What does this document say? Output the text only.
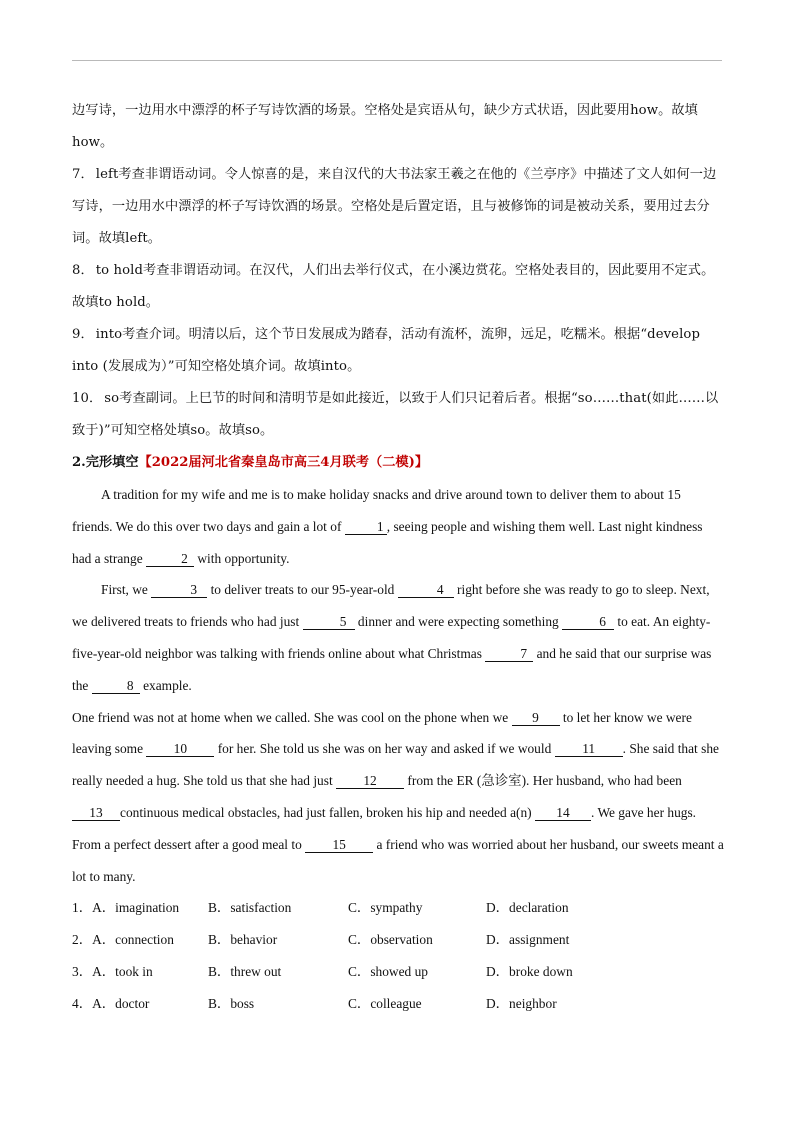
边写诗，一边用水中漂浮的杯子写诗饮酒的场景。空格处是宾语从句，缺少方式状语，因此要用how。故填how。

7． left考查非谓语动词。令人惊喜的是，来自汉代的大书法家王羲之在他的《兰亭序》中描述了文人如何一边写诗，一边用水中漂浮的杯子写诗饮酒的场景。空格处是后置定语，且与被修饰的词是被动关系，要用过去分词。故填left。

8． to hold考查非谓语动词。在汉代，人们出去举行仪式，在小溪边赏花。空格处表目的，因此要用不定式。故填to hold。

9． into考查介词。明清以后，这个节日发展成为踏春，活动有流杯，流卵，远足，吃糯米。根据“develop into (发展成为）”可知空格处填介词。故填into。

10． so考查副词。上巳节的时间和清明节是如此接近，以致于人们只记着后者。根据“so……that(如此……以致于)”可知空格处填so。故填so。

2.完形填空【2022届河北省秦皇岛市高三4月联考（二模)】

A tradition for my wife and me is to make holiday snacks and drive around town to deliver them to about 15 friends. We do this over two days and gain a lot of 1 , seeing people and wishing them well. Last night kindness had a strange	2 with opportunity.

First, we	3 to deliver treats to our 95-year-old	4 right before she was ready to go to sleep. Next, we delivered treats to friends who had just	5 dinner and were expecting something	6 to eat. An eighty-five-year-old neighbor was talking with friends online about what Christmas	7 and he said that our surprise was the	8 example.

One friend was not at home when we called. She was cool on the phone when we 9 to let her know we were leaving some 10 for her. She told us she was on her way and asked if we would 11 . She said that she really needed a hug. She told us that she had just 12 from the ER (急诊室). Her husband, who had been 13 continuous medical obstacles, had just fallen, broken his hip and needed a(n) 14 . We gave her hugs. From a perfect dessert after a good meal to 15 a friend who was worried about her husband, our sweets meant a lot to many.

1．A．imagination B．satisfaction	C．sympathy	D．declaration
2．A．connection	B．behavior	C．observation	D．assignment
3．A．took in	B．threw out	C．showed up	D．broke down
4．A．doctor	B．boss	C．colleague	D．neighbor
